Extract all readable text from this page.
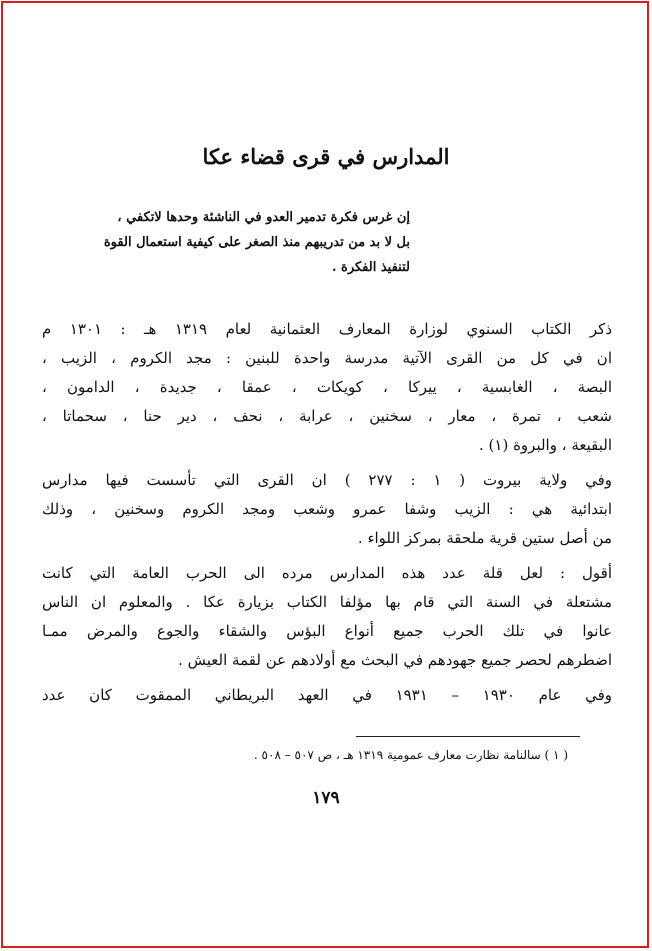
المدارس في قرى قضاء عكا
إن غرس فكرة تدمير العدو في الناشئة وحدها لاتكفي ،
بل لا بد من تدريبهم منذ الصغر على كيفية استعمال القوة
لتنفيذ الفكرة .
ذكر الكتاب السنوي لوزارة المعارف العثمانية لعام ١٣١٩ هـ : ١٣٠١ م
ان في كل من القرى الآتية مدرسة واحدة للبنين : مجد الكروم ، الزيب ،
البصة ، الغابسية ، ييركا ، كويكات ، عمقا ، جديدة ، الدامون ،
شعب ، تمرة ، معار ، سخنين ، عرابة ، نحف ، دير حنا ، سحماتا ،
البقيعة ، والبروة (١) .
وفي ولاية بيروت ( ١ : ٢٧٧ ) ان القرى التي تأسست فيها مدارس
ابتدائية هي : الزيب وشفا عمرو وشعب ومجد الكروم وسخنين ، وذلك
من أصل ستين قرية ملحقة بمركز اللواء .
أقول : لعل قلة عدد هذه المدارس مرده الى الحرب العامة التي كانت
مشتعلة في السنة التي قام بها مؤلفا الكتاب بزيارة عكا . والمعلوم ان الناس
عانوا في تلك الحرب جميع أنواع البؤس والشقاء والجوع والمرض ممـا
اضطرهم لحصر جميع جهودهم في البحث مع أولادهم عن لقمة العيش .
وفي عام ١٩٣٠ – ١٩٣١ في العهد البريطاني الممقوت كان عدد
( ١ ) سالنامة نظارت معارف عمومية ١٣١٩ هـ ، ص ٥٠٧ – ٥٠٨ .
١٧٩
